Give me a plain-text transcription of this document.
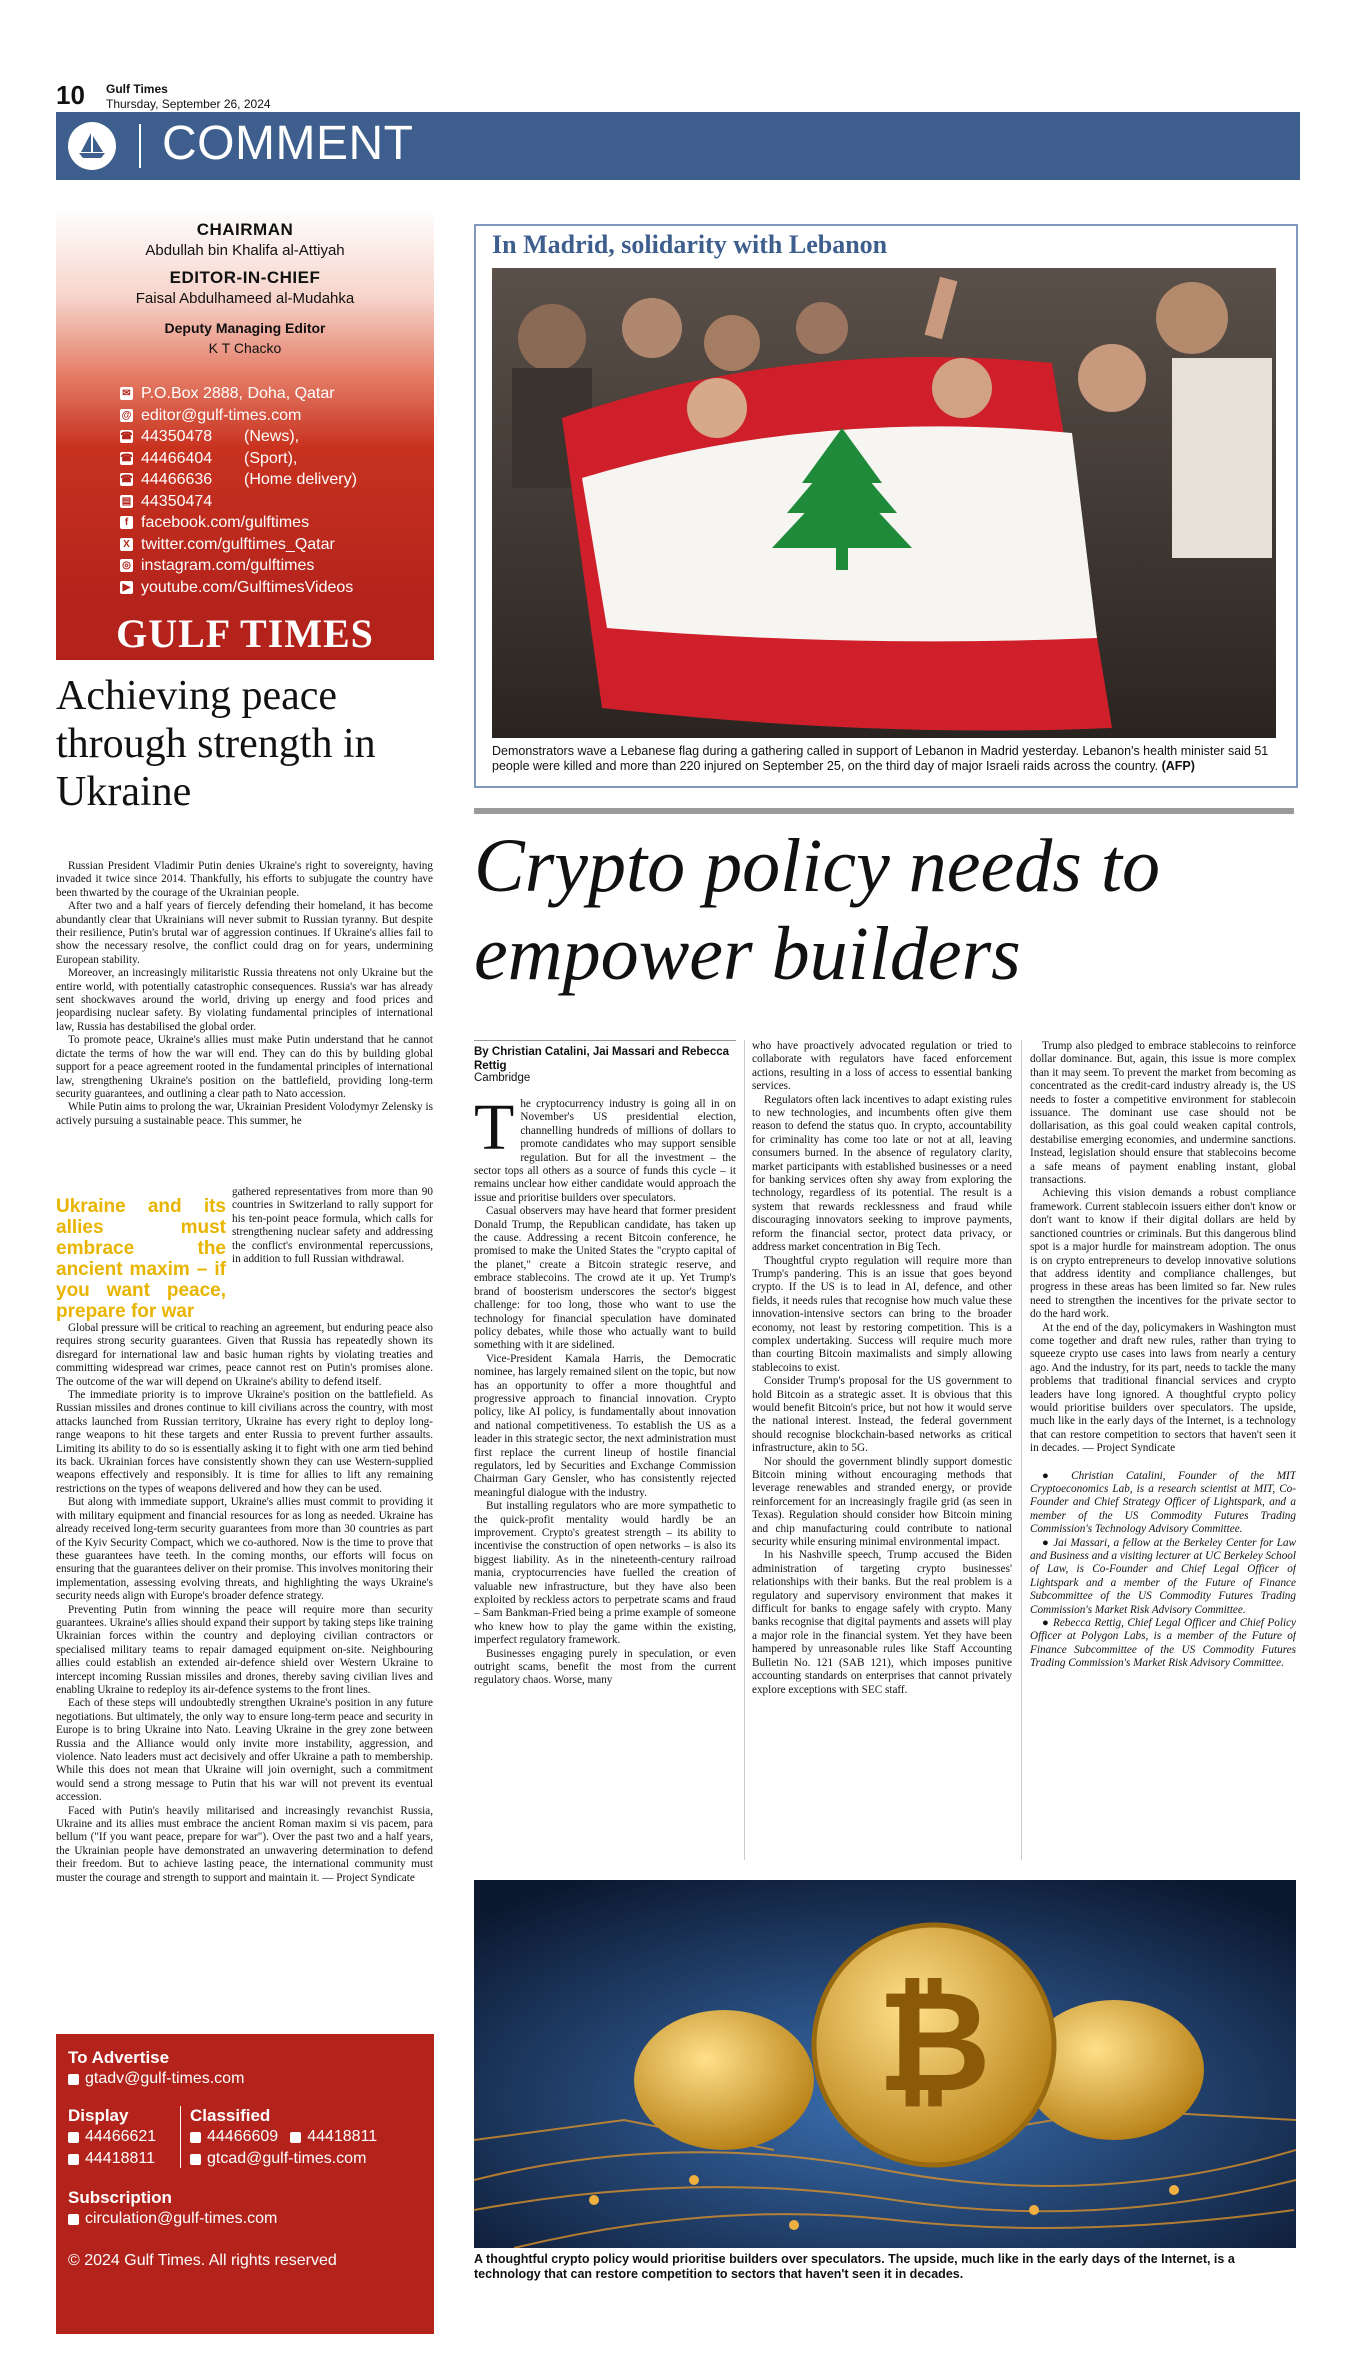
10 Gulf Times
Thursday, September 26, 2024
COMMENT
CHAIRMAN
Abdullah bin Khalifa al-Attiyah
EDITOR-IN-CHIEF
Faisal Abdulhameed al-Mudahka
Deputy Managing Editor
K T Chacko
✉ P.O.Box 2888, Doha, Qatar
@ editor@gulf-times.com
☎ 44350478	(News),
☎ 44466404	(Sport),
☎ 44466636	(Home delivery)
▤ 44350474
f facebook.com/gulftimes
X twitter.com/gulftimes_Qatar
◎ instagram.com/gulftimes
▶ youtube.com/GulftimesVideos
GULF TIMES
Achieving peace through strength in Ukraine

Russian President Vladimir Putin denies Ukraine's right to sovereignty, having invaded it twice since 2014. Thankfully, his efforts to subjugate the country have been thwarted by the courage of the Ukrainian people.

After two and a half years of fiercely defending their homeland, it has become abundantly clear that Ukrainians will never submit to Russian tyranny. But despite their resilience, Putin's brutal war of aggression continues. If Ukraine's allies fail to show the necessary resolve, the conflict could drag on for years, undermining European stability.

Moreover, an increasingly militaristic Russia threatens not only Ukraine but the entire world, with potentially catastrophic consequences. Russia's war has already sent shockwaves around the world, driving up energy and food prices and jeopardising nuclear safety. By violating fundamental principles of international law, Russia has destabilised the global order.

To promote peace, Ukraine's allies must make Putin understand that he cannot dictate the terms of how the war will end. They can do this by building global support for a peace agreement rooted in the fundamental principles of international law, strengthening Ukraine's position on the battlefield, providing long-term security guarantees, and outlining a clear path to Nato accession.

While Putin aims to prolong the war, Ukrainian President Volodymyr Zelensky is actively pursuing a sustainable peace. This summer, he

Ukraine and its allies must embrace the ancient maxim – if you want peace, prepare for war
gathered representatives from more than 90 countries in Switzerland to rally support for his ten-point peace formula, which calls for strengthening nuclear safety and addressing the conflict's environmental repercussions, in addition to full Russian withdrawal.

Global pressure will be critical to reaching an agreement, but enduring peace also requires strong security guarantees. Given that Russia has repeatedly shown its disregard for international law and basic human rights by violating treaties and committing widespread war crimes, peace cannot rest on Putin's promises alone. The outcome of the war will depend on Ukraine's ability to defend itself.

The immediate priority is to improve Ukraine's position on the battlefield. As Russian missiles and drones continue to kill civilians across the country, with most attacks launched from Russian territory, Ukraine has every right to deploy long-range weapons to hit these targets and enter Russia to prevent further assaults. Limiting its ability to do so is essentially asking it to fight with one arm tied behind its back. Ukrainian forces have consistently shown they can use Western-supplied weapons effectively and responsibly. It is time for allies to lift any remaining restrictions on the types of weapons delivered and how they can be used.

But along with immediate support, Ukraine's allies must commit to providing it with military equipment and financial resources for as long as needed. Ukraine has already received long-term security guarantees from more than 30 countries as part of the Kyiv Security Compact, which we co-authored. Now is the time to prove that these guarantees have teeth. In the coming months, our efforts will focus on ensuring that the guarantees deliver on their promise. This involves monitoring their implementation, assessing evolving threats, and highlighting the ways Ukraine's security needs align with Europe's broader defence strategy.

Preventing Putin from winning the peace will require more than security guarantees. Ukraine's allies should expand their support by taking steps like training Ukrainian forces within the country and deploying civilian contractors or specialised military teams to repair damaged equipment on-site. Neighbouring allies could establish an extended air-defence shield over Western Ukraine to intercept incoming Russian missiles and drones, thereby saving civilian lives and enabling Ukraine to redeploy its air-defence systems to the front lines.

Each of these steps will undoubtedly strengthen Ukraine's position in any future negotiations. But ultimately, the only way to ensure long-term peace and security in Europe is to bring Ukraine into Nato. Leaving Ukraine in the grey zone between Russia and the Alliance would only invite more instability, aggression, and violence. Nato leaders must act decisively and offer Ukraine a path to membership. While this does not mean that Ukraine will join overnight, such a commitment would send a strong message to Putin that his war will not prevent its eventual accession.

Faced with Putin's heavily militarised and increasingly revanchist Russia, Ukraine and its allies must embrace the ancient Roman maxim si vis pacem, para bellum ("If you want peace, prepare for war"). Over the past two and a half years, the Ukrainian people have demonstrated an unwavering determination to defend their freedom. But to achieve lasting peace, the international community must muster the courage and strength to support and maintain it. — Project Syndicate

To Advertise
gtadv@gulf-times.com
Display
44466621
44418811
Classified
44466609 44418811
gtcad@gulf-times.com
Subscription
circulation@gulf-times.com
© 2024 Gulf Times. All rights reserved
In Madrid, solidarity with Lebanon
Demonstrators wave a Lebanese flag during a gathering called in support of Lebanon in Madrid yesterday. Lebanon's health minister said 51 people were killed and more than 220 injured on September 25, on the third day of major Israeli raids across the country. (AFP)
Crypto policy needs to empower builders
By Christian Catalini, Jai Massari and Rebecca Rettig
Cambridge
T he cryptocurrency industry is going all in on November's US presidential election, channelling hundreds of millions of dollars to promote candidates who may support sensible regulation. But for all the investment – the sector tops all others as a source of funds this cycle – it remains unclear how either candidate would approach the issue and prioritise builders over speculators.

Casual observers may have heard that former president Donald Trump, the Republican candidate, has taken up the cause. Addressing a recent Bitcoin conference, he promised to make the United States the "crypto capital of the planet," create a Bitcoin strategic reserve, and embrace stablecoins. The crowd ate it up. Yet Trump's brand of boosterism underscores the sector's biggest challenge: for too long, those who want to use the technology for financial speculation have dominated policy debates, while those who actually want to build something with it are sidelined.

Vice-President Kamala Harris, the Democratic nominee, has largely remained silent on the topic, but now has an opportunity to offer a more thoughtful and progressive approach to financial innovation. Crypto policy, like AI policy, is fundamentally about innovation and national competitiveness. To establish the US as a leader in this strategic sector, the next administration must first replace the current lineup of hostile financial regulators, led by Securities and Exchange Commission Chairman Gary Gensler, who has consistently rejected meaningful dialogue with the industry.

But installing regulators who are more sympathetic to the quick-profit mentality would hardly be an improvement. Crypto's greatest strength – its ability to incentivise the construction of open networks – is also its biggest liability. As in the nineteenth-century railroad mania, cryptocurrencies have fuelled the creation of valuable new infrastructure, but they have also been exploited by reckless actors to perpetrate scams and fraud – Sam Bankman-Fried being a prime example of someone who knew how to play the game within the existing, imperfect regulatory framework.

Businesses engaging purely in speculation, or even outright scams, benefit the most from the current regulatory chaos. Worse, many

who have proactively advocated regulation or tried to collaborate with regulators have faced enforcement actions, resulting in a loss of access to essential banking services.

Regulators often lack incentives to adapt existing rules to new technologies, and incumbents often give them reason to defend the status quo. In crypto, accountability for criminality has come too late or not at all, leaving consumers burned. In the absence of regulatory clarity, market participants with established businesses or a need for banking services often shy away from exploring the technology, regardless of its potential. The result is a system that rewards recklessness and fraud while discouraging innovators seeking to improve payments, reform the financial sector, protect data privacy, or address market concentration in Big Tech.

Thoughtful crypto regulation will require more than Trump's pandering. This is an issue that goes beyond crypto. If the US is to lead in AI, defence, and other fields, it needs rules that recognise how much value these innovation-intensive sectors can bring to the broader economy, not least by restoring competition. This is a complex undertaking. Success will require much more than courting Bitcoin maximalists and simply allowing stablecoins to exist.

Consider Trump's proposal for the US government to hold Bitcoin as a strategic asset. It is obvious that this would benefit Bitcoin's price, but not how it would serve the national interest. Instead, the federal government should recognise blockchain-based networks as critical infrastructure, akin to 5G.

Nor should the government blindly support domestic Bitcoin mining without encouraging methods that leverage renewables and stranded energy, or provide reinforcement for an increasingly fragile grid (as seen in Texas). Regulation should consider how Bitcoin mining and chip manufacturing could contribute to national security while ensuring minimal environmental impact.

In his Nashville speech, Trump accused the Biden administration of targeting crypto businesses' relationships with their banks. But the real problem is a regulatory and supervisory environment that makes it difficult for banks to engage safely with crypto. Many banks recognise that digital payments and assets will play a major role in the financial system. Yet they have been hampered by unreasonable rules like Staff Accounting Bulletin No. 121 (SAB 121), which imposes punitive accounting standards on enterprises that cannot privately explore exceptions with SEC staff.

Trump also pledged to embrace stablecoins to reinforce dollar dominance. But, again, this issue is more complex than it may seem. To prevent the market from becoming as concentrated as the credit-card industry already is, the US needs to foster a competitive environment for stablecoin issuance. The dominant use case should not be dollarisation, as this goal could weaken capital controls, destabilise emerging economies, and undermine sanctions. Instead, legislation should ensure that stablecoins become a safe means of payment enabling instant, global transactions.

Achieving this vision demands a robust compliance framework. Current stablecoin issuers either don't know or don't want to know if their digital dollars are held by sanctioned countries or criminals. But this dangerous blind spot is a major hurdle for mainstream adoption. The onus is on crypto entrepreneurs to develop innovative solutions that address identity and compliance challenges, but progress in these areas has been limited so far. New rules need to strengthen the incentives for the private sector to do the hard work.

At the end of the day, policymakers in Washington must come together and draft new rules, rather than trying to squeeze crypto use cases into laws from nearly a century ago. And the industry, for its part, needs to tackle the many problems that traditional financial services and crypto leaders have long ignored. A thoughtful crypto policy would prioritise builders over speculators. The upside, much like in the early days of the Internet, is a technology that can restore competition to sectors that haven't seen it in decades. — Project Syndicate

● Christian Catalini, Founder of the MIT Cryptoeconomics Lab, is a research scientist at MIT, Co-Founder and Chief Strategy Officer of Lightspark, and a member of the US Commodity Futures Trading Commission's Technology Advisory Committee.

● Jai Massari, a fellow at the Berkeley Center for Law and Business and a visiting lecturer at UC Berkeley School of Law, is Co-Founder and Chief Legal Officer of Lightspark and a member of the Future of Finance Subcommittee of the US Commodity Futures Trading Commission's Market Risk Advisory Committee.

● Rebecca Rettig, Chief Legal Officer and Chief Policy Officer at Polygon Labs, is a member of the Future of Finance Subcommittee of the US Commodity Futures Trading Commission's Market Risk Advisory Committee.

₿
A thoughtful crypto policy would prioritise builders over speculators. The upside, much like in the early days of the Internet, is a technology that can restore competition to sectors that haven't seen it in decades.
